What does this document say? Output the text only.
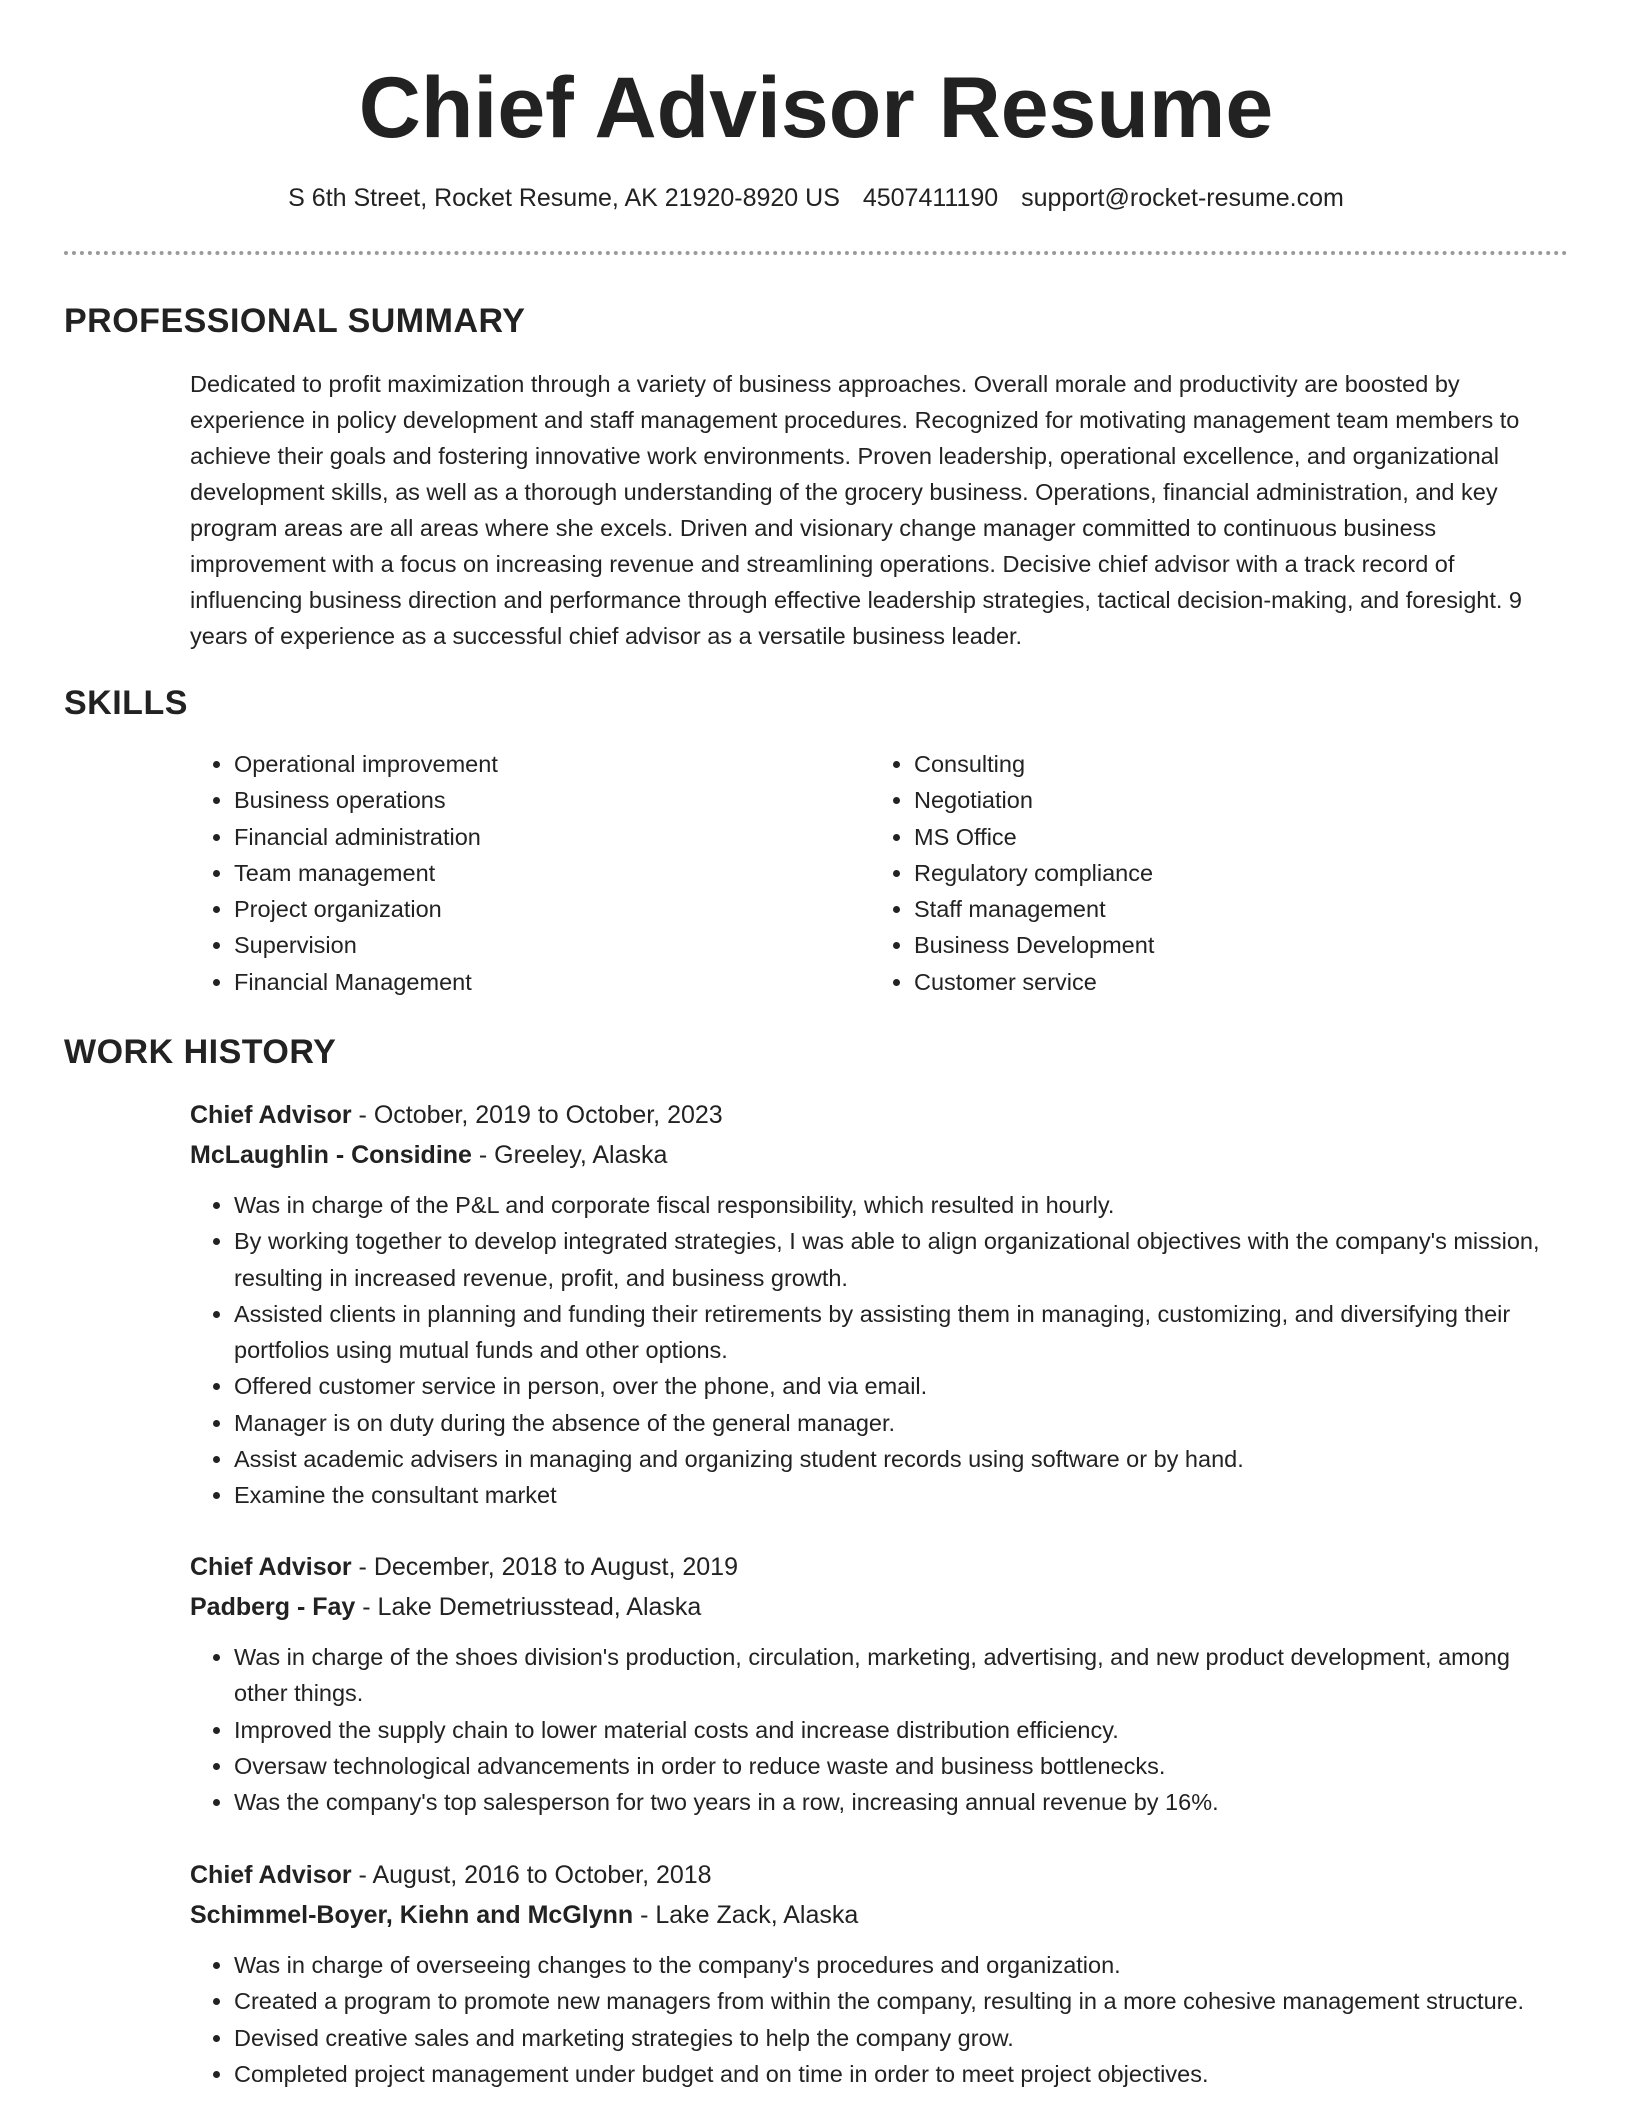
Chief Advisor Resume
S 6th Street, Rocket Resume, AK 21920-8920 US 4507411190 support@rocket-resume.com
PROFESSIONAL SUMMARY

Dedicated to profit maximization through a variety of business approaches. Overall morale and productivity are boosted by experience in policy development and staff management procedures. Recognized for motivating management team members to achieve their goals and fostering innovative work environments. Proven leadership, operational excellence, and organizational development skills, as well as a thorough understanding of the grocery business. Operations, financial administration, and key program areas are all areas where she excels. Driven and visionary change manager committed to continuous business improvement with a focus on increasing revenue and streamlining operations. Decisive chief advisor with a track record of influencing business direction and performance through effective leadership strategies, tactical decision-making, and foresight. 9 years of experience as a successful chief advisor as a versatile business leader.

SKILLS
• Operational improvement
• Business operations
• Financial administration
• Team management
• Project organization
• Supervision
• Financial Management
• Consulting
• Negotiation
• MS Office
• Regulatory compliance
• Staff management
• Business Development
• Customer service
WORK HISTORY

Chief Advisor - October, 2019 to October, 2023

McLaughlin - Considine - Greeley, Alaska

• Was in charge of the P&L and corporate fiscal responsibility, which resulted in hourly.
• By working together to develop integrated strategies, I was able to align organizational objectives with the company's mission, resulting in increased revenue, profit, and business growth.
• Assisted clients in planning and funding their retirements by assisting them in managing, customizing, and diversifying their portfolios using mutual funds and other options.
• Offered customer service in person, over the phone, and via email.
• Manager is on duty during the absence of the general manager.
• Assist academic advisers in managing and organizing student records using software or by hand.
• Examine the consultant market

Chief Advisor - December, 2018 to August, 2019

Padberg - Fay - Lake Demetriusstead, Alaska

• Was in charge of the shoes division's production, circulation, marketing, advertising, and new product development, among other things.
• Improved the supply chain to lower material costs and increase distribution efficiency.
• Oversaw technological advancements in order to reduce waste and business bottlenecks.
• Was the company's top salesperson for two years in a row, increasing annual revenue by 16%.

Chief Advisor - August, 2016 to October, 2018

Schimmel-Boyer, Kiehn and McGlynn - Lake Zack, Alaska

• Was in charge of overseeing changes to the company's procedures and organization.
• Created a program to promote new managers from within the company, resulting in a more cohesive management structure.
• Devised creative sales and marketing strategies to help the company grow.
• Completed project management under budget and on time in order to meet project objectives.
